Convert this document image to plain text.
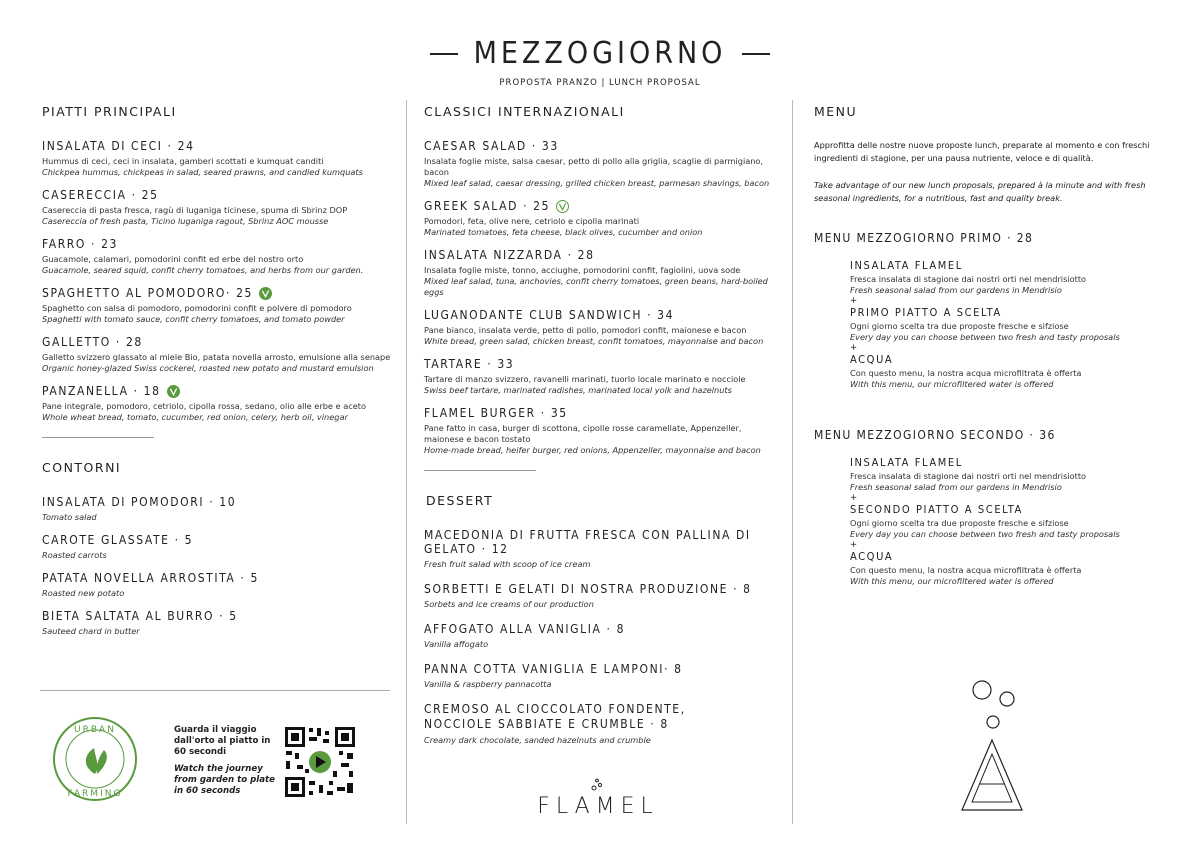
MEZZOGIORNO
PROPOSTA PRANZO | LUNCH PROPOSAL
PIATTI PRINCIPALI
INSALATA DI CECI · 24
Hummus di ceci, ceci in insalata, gamberi scottati e kumquat canditi
Chickpea hummus, chickpeas in salad, seared prawns, and candied kumquats
CASERECCIA · 25
Casereccia di pasta fresca, ragù di luganiga ticinese, spuma di Sbrinz DOP
Casereccia of fresh pasta, Ticino luganiga ragout, Sbrinz AOC mousse
FARRO · 23
Guacamole, calamari, pomodorini confit ed erbe del nostro orto
Guacamole, seared squid, confit cherry tomatoes, and herbs from our garden.
SPAGHETTO AL POMODORO· 25
Spaghetto con salsa di pomodoro, pomodorini confit e polvere di pomodoro
Spaghetti with tomato sauce, confit cherry tomatoes, and tomato powder
GALLETTO · 28
Galletto svizzero glassato al miele Bio, patata novella arrosto, emulsione alla senape
Organic honey-glazed Swiss cockerel, roasted new potato and mustard emulsion
PANZANELLA · 18
Pane integrale, pomodoro, cetriolo, cipolla rossa, sedano, olio alle erbe e aceto
Whole wheat bread, tomato, cucumber, red onion, celery, herb oil, vinegar
CONTORNI
INSALATA DI POMODORI · 10
Tomato salad
CAROTE GLASSATE · 5
Roasted carrots
PATATA NOVELLA ARROSTITA · 5
Roasted new potato
BIETA SALTATA AL BURRO · 5
Sauteed chard in butter
URBAN
FARMING
Guarda il viaggio dall'orto al piatto in 60 secondi
Watch the journey from garden to plate in 60 seconds
CLASSICI INTERNAZIONALI
CAESAR SALAD · 33
Insalata foglie miste, salsa caesar, petto di pollo alla griglia, scaglie di parmigiano, bacon
Mixed leaf salad, caesar dressing, grilled chicken breast, parmesan shavings, bacon
GREEK SALAD · 25
Pomodori, feta, olive nere, cetriolo e cipolla marinati
Marinated tomatoes, feta cheese, black olives, cucumber and onion
INSALATA NIZZARDA · 28
Insalata foglie miste, tonno, acciughe, pomodorini confit, fagiolini, uova sode
Mixed leaf salad, tuna, anchovies, confit cherry tomatoes, green beans, hard-boiled eggs
LUGANODANTE CLUB SANDWICH · 34
Pane bianco, insalata verde, petto di pollo, pomodori confit, maionese e bacon
White bread, green salad, chicken breast, confit tomatoes, mayonnaise and bacon
TARTARE · 33
Tartare di manzo svizzero, ravanelli marinati, tuorlo locale marinato e nocciole
Swiss beef tartare, marinated radishes, marinated local yolk and hazelnuts
FLAMEL BURGER · 35
Pane fatto in casa, burger di scottona, cipolle rosse caramellate, Appenzeller, maionese e bacon tostato
Home-made bread, heifer burger, red onions, Appenzeller, mayonnaise and bacon
DESSERT
MACEDONIA DI FRUTTA FRESCA CON PALLINA DI GELATO · 12
Fresh fruit salad with scoop of ice cream
SORBETTI E GELATI DI NOSTRA PRODUZIONE · 8
Sorbets and ice creams of our production
AFFOGATO ALLA VANIGLIA · 8
Vanilla affogato
PANNA COTTA VANIGLIA E LAMPONI· 8
Vanilla & raspberry pannacotta
CREMOSO AL CIOCCOLATO FONDENTE, NOCCIOLE SABBIATE E CRUMBLE · 8
Creamy dark chocolate, sanded hazelnuts and crumble
FLAMEL
MENU
Approfitta delle nostre nuove proposte lunch, preparate al momento e con freschi ingredienti di stagione, per una pausa nutriente, veloce e di qualità.
Take advantage of our new lunch proposals, prepared à la minute and with fresh seasonal ingredients, for a nutritious, fast and quality break.
MENU MEZZOGIORNO PRIMO · 28
INSALATA FLAMEL
Fresca insalata di stagione dai nostri orti nel mendrisiotto
Fresh seasonal salad from our gardens in Mendrisio
+
PRIMO PIATTO A SCELTA
Ogni giorno scelta tra due proposte fresche e sifziose
Every day you can choose between two fresh and tasty proposals
+
ACQUA
Con questo menu, la nostra acqua microfiltrata è offerta
With this menu, our microfiltered water is offered
MENU MEZZOGIORNO SECONDO · 36
INSALATA FLAMEL
Fresca insalata di stagione dai nostri orti nel mendrisiotto
Fresh seasonal salad from our gardens in Mendrisio
+
SECONDO PIATTO A SCELTA
Ogni giorno scelta tra due proposte fresche e sifziose
Every day you can choose between two fresh and tasty proposals
+
ACQUA
Con questo menu, la nostra acqua microfiltrata è offerta
With this menu, our microfiltered water is offered
